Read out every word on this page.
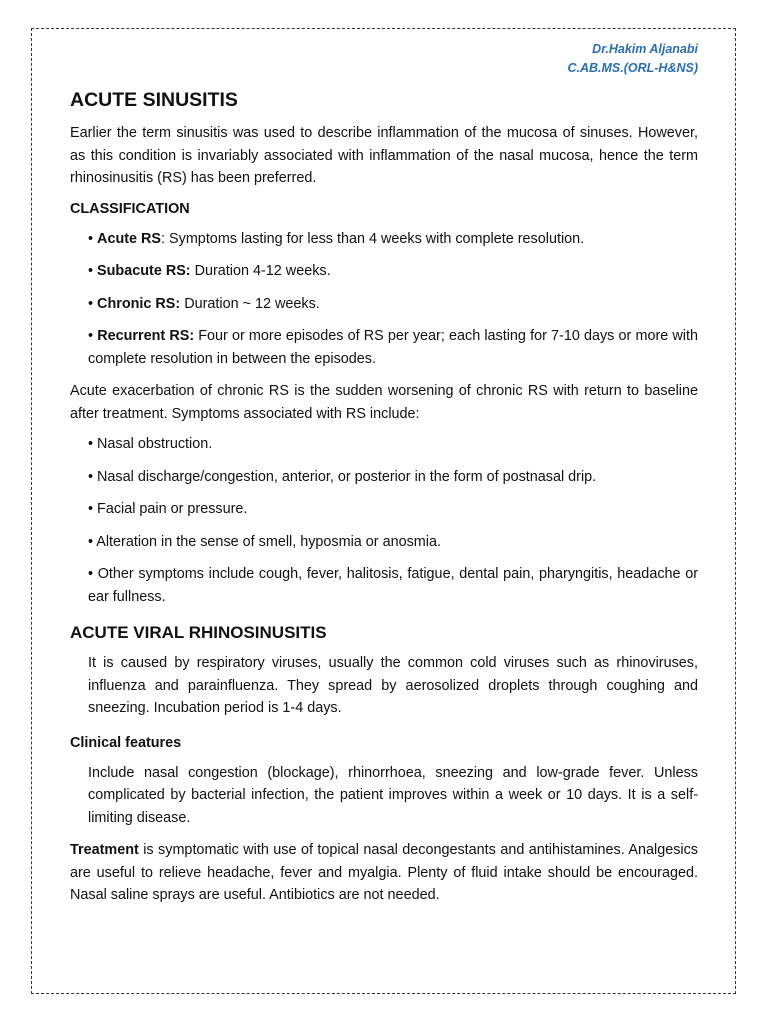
Dr.Hakim Aljanabi
C.AB.MS.(ORL-H&NS)
ACUTE SINUSITIS

Earlier the term sinusitis was used to describe inflammation of the mucosa of sinuses. However, as this condition is invariably associated with inflammation of the nasal mucosa, hence the term rhinosinusitis (RS) has been preferred.

CLASSIFICATION
• Acute RS: Symptoms lasting for less than 4 weeks with complete resolution.
• Subacute RS: Duration 4-12 weeks.
• Chronic RS: Duration ~ 12 weeks.
• Recurrent RS: Four or more episodes of RS per year; each lasting for 7-10 days or more with complete resolution in between the episodes.

Acute exacerbation of chronic RS is the sudden worsening of chronic RS with return to baseline after treatment. Symptoms associated with RS include:

• Nasal obstruction.
• Nasal discharge/congestion, anterior, or posterior in the form of postnasal drip.
• Facial pain or pressure.
• Alteration in the sense of smell, hyposmia or anosmia.
• Other symptoms include cough, fever, halitosis, fatigue, dental pain, pharyngitis, headache or ear fullness.
ACUTE VIRAL RHINOSINUSITIS

It is caused by respiratory viruses, usually the common cold viruses such as rhinoviruses, influenza and parainfluenza. They spread by aerosolized droplets through coughing and sneezing. Incubation period is 1-4 days.

Clinical features

Include nasal congestion (blockage), rhinorrhoea, sneezing and low-grade fever. Unless complicated by bacterial infection, the patient improves within a week or 10 days. It is a self-limiting disease.

Treatment is symptomatic with use of topical nasal decongestants and antihistamines. Analgesics are useful to relieve headache, fever and myalgia. Plenty of fluid intake should be encouraged. Nasal saline sprays are useful. Antibiotics are not needed.
